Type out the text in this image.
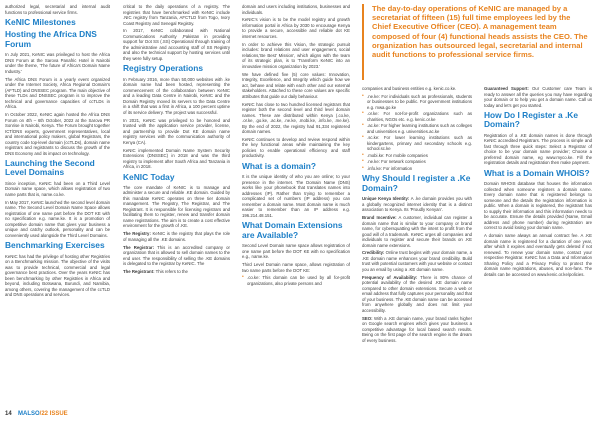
authorized legal, secretarial and internal audit functions to professional service firms.

KeNIC Milestones
Hosting the Africa DNS Forum

In July 2021, KeNIC was privileged to host the Africa DNS Forum at the Sarova Panafric Hotel in Nairobi under the theme, 'The future of Africa's Domain Name Industry.'

The Africa DNS Forum is a yearly event organized under the Internet Society, Africa Regional Domain's (AFTLD) and DNSSEC program. The main objective of these TLDs and DNSSEC program is to improve the technical and governance capacities of ccTLDs in Africa.

In October 2022, KeNIC again hosted the Africa DNS Forum on 4th – 6th October, 2022 at the Sarova PR Sonrise in Nairobi, Kenya. The Forum brought together ICT/DNS experts, government representatives, local and international policy makers, global Registrars, the country code top-level domain (ccTLDs), domain name registrars and registrants to discuss the growth of the DNS Economy and its impact on technology.

Launching the Second Level Domains

Since inception, KeNIC had been on a Third Level Domain name space, which allows registration of two name parts that is, name.co.ke.

In May 2017, KeNIC launched the second level domain name. The Second Level Domain Name Space allows registration of one name part before the DOT KE with no specification e.g. name.ke. It is a promotion of competitive domain name that gives your business a unique and catchy outlook, personality and can be conveniently used alongside the Third Level Domains.

Benchmarking Exercises

KeNIC has had the privilege of hosting other Registries on a Benchmarking mission. The objective of the visits was to provide technical, commercial and legal governance best practices. Over the years KeNIC has been benchmarking by other Registries in Africa and beyond, including Botswana, Burundi, and Namibia, among others, covering the management of the ccTLD and DNS operations and services.

critical to the daily operations of a registry. The registries that have benchmarked with KeNIC include .NIC registry from Tanzania, AFCTLD from Togo, Ivory Coast Registry and Senegal Registry.

In 2017, KeNIC collaborated with National Communications Authority ,Pakistan in providing support for Dot SS (.SS) Operational through training of the administrative and accounting staff of SS Registry and also the technical support by hosting services until they were fully setup.

Registry Operations

In February 2016, more than 50,000 websites with .ke domain name had been hosted, representing the commencement of the collaboration between KeNIC and a leading Data Centre in Nairobi, KeNIC and the Domain Registry moved its servers to the Data Centre in a shift that was a first in Africa, a 100 percent uptime of its service delivery. The project was successful.

In 2021, KeNIC was privileged to be honored and trusted with the application service provider, license, and partnership to provide Dot KE domain name registry services with the communication authority of Kenya (CA).

KeNIC implemented Domain Name System Security Extensions (DNSSEC) in 2018 and was the third registry to implement after South Africa and Tanzania in Africa, in 2018.

KeNIC Today

The core mandate of KeNIC is to manage and administer a secure and reliable .KE domain. Guided by this mandate KeNIC operates on three tier domain management. The Registry, The Registrar, and The Registrant. It is responsible for licensing registrars and facilitating them to register, renew and transfer domain name registrations. The aim is to create a cost effective environment for the growth of .KE.

The Registry: KeNIC is the registry that plays the role of managing all the .KE domains.

The Registrar: This is an accredited company or organization that is allowed to sell domain names to the end user. The responsibility of selling the .KE domains is delegated to the registrar by KeNIC. The

The Registrant: This refers to the

domain and users including institutions, businesses and individuals.

KeNIC's vision is to be the model registry and growth information portal in Africa by 2030 to encourage Kenya to provide a secure, accessible and reliable dot KE internet resources.

In order to achieve this Vision, the strategic pursuit includes: brand relations and user engagement, social relations,'Be Best' Mission', which aligns with the team of its strategic plan, is to 'Transform KeNIC into an innovative mission organization by 2023.'

We have defined five (5) core values: Innovation, Integrity, Excellence, and Integrity which guide how we act, behave and relate with each other and our external stakeholders. Attached to these core values are specific attributes that guide our daily behaviour.

KeNIC has close to two hundred licensed registrars that register both the second level and third level domain names. These are distributed within Kenya (.co.ke, .or.ke, .go.ke, .ac.ke, .ne.ke, .mobi.ke, .info.ke, .me.ke). By the end of 2022, the registry had 91,334 registered domain names.

KeNIC continues to develop and review respond within the key functional areas while maintaining the key policies to enable operational efficiency and staff productivity.

What is a domain?

It is the unique identity of who you are online; to your presence in the internet. The Domain Name (DNS) works like your phonebook that translates names into addresses (IP). Rather than trying to remember a complicated set of numbers (IP address) you can remember a domain name. Most domain name is much easier to remember than an IP address e.g. 196.214.48.151.

What Domain Extensions are Available?

Second Level Domain name space allows registration of one name part before the DOT KE with no specification e.g., name.ke.

Third Level Domain name space, allows registration of two name parts before the DOT KE:

• .co.ke: This domain can be used by all for-profit organizations, also private persons and
The day-to-day operations of KeNIC are managed by a secretariat of fifteen (15) full time employees led by the Chief Executive Officer (CEO). A management team composed of four (4) functional heads assists the CEO. The organization has outsourced legal, secretarial and internal audit functions to professional service firms.

companies and business entities e.g. kenic.co.ke.

• .ne.ke: For individuals such as professionals, students or businesses to be public. For government institutions e.g. mwa.go.ke
• .or.ke: For not-for-profit organizations such as charities, NGOs etc. e.g. kenic.or.ke
• .ac.ke: For higher learning institutions such as colleges and universities e.g. universities.ac.ke
• .sc.ke: For lower learning institutions such as kindergartens, primary and secondary schools e.g. school.sc.ke
• .mobi.ke: For mobile companies
• .ne.ke: For network companies
• .info.ke: For information
Why Should I register a .Ke Domain?

Unique Kenya Identity: A .ke domain provides you with a globally recognized internet identity that is a distinct association to Kenya. Its 'Proudly Kenyan'.

Brand Incentive: A customer, individual can register a domain name that is similar to your company or brand name, for cybersquatting with the intent to profit from the good will of a trademark. KeNIC urges all companies and individuals to register and secure their brands on .KE domain name extensions.

Credibility: Online trust begins with your domain name, a .KE domain name enhances your brand credibility. Build trust with potential customers with your website or contact you an email by using a .KE domain name.

Frequency of Availability: There is 80% chance of potential availability of the desired .KE domain name compared to other domain extensions. Secure a web or email address that fully captures your personality and that of your business. The .KE domain name can be accessed from anywhere globally and does not limit your accessibility.

SEO: With a .KE domain name, your brand ranks higher on Google search engines which gives your business a competitive advantage for local based search results. Being on the first page of the search engine is the dream of every business.

Guaranteed Support: Our Customer care Team is ready to answer all the queries you may have regarding your domain or to help you get a domain name. Call us today and let's get you started.

How Do I Register a .Ke Domain?

Registration of a .KE domain names is done through KeNIC accredited Registrars. The process is simple and fast through three quick steps: Select a Registrar of choice to be your domain name provider; Choose a preferred domain name, eg www.myco.ke. Fill the registration details and registration then make payment.

What is a Domain WHOIS?

Domain WHOIS database that houses the information collected when someone registers a domain name. Every domain name that is registered belongs to someone and the details the registration information is public. When a domain is registered, the registrant has to supply their information and this information needs to be accurate. Ensure the details provided (Name, Email address and phone number) during registration are correct to avoid losing your domain name.

A domain name always an annual contract fee. A .KE domain name is registered for a duration of one year, after which it expires and eventually gets deleted if not renewed. To renew your domain name, contact your respective Registrar. KeNIC has a Data and Information Sharing Policy and a Privacy Policy to protect the domain name registrations, abuses, and non-fans. The details can be accessed on www.kenic.or.ke/policies.

14 MALSO/22 ISSUE
